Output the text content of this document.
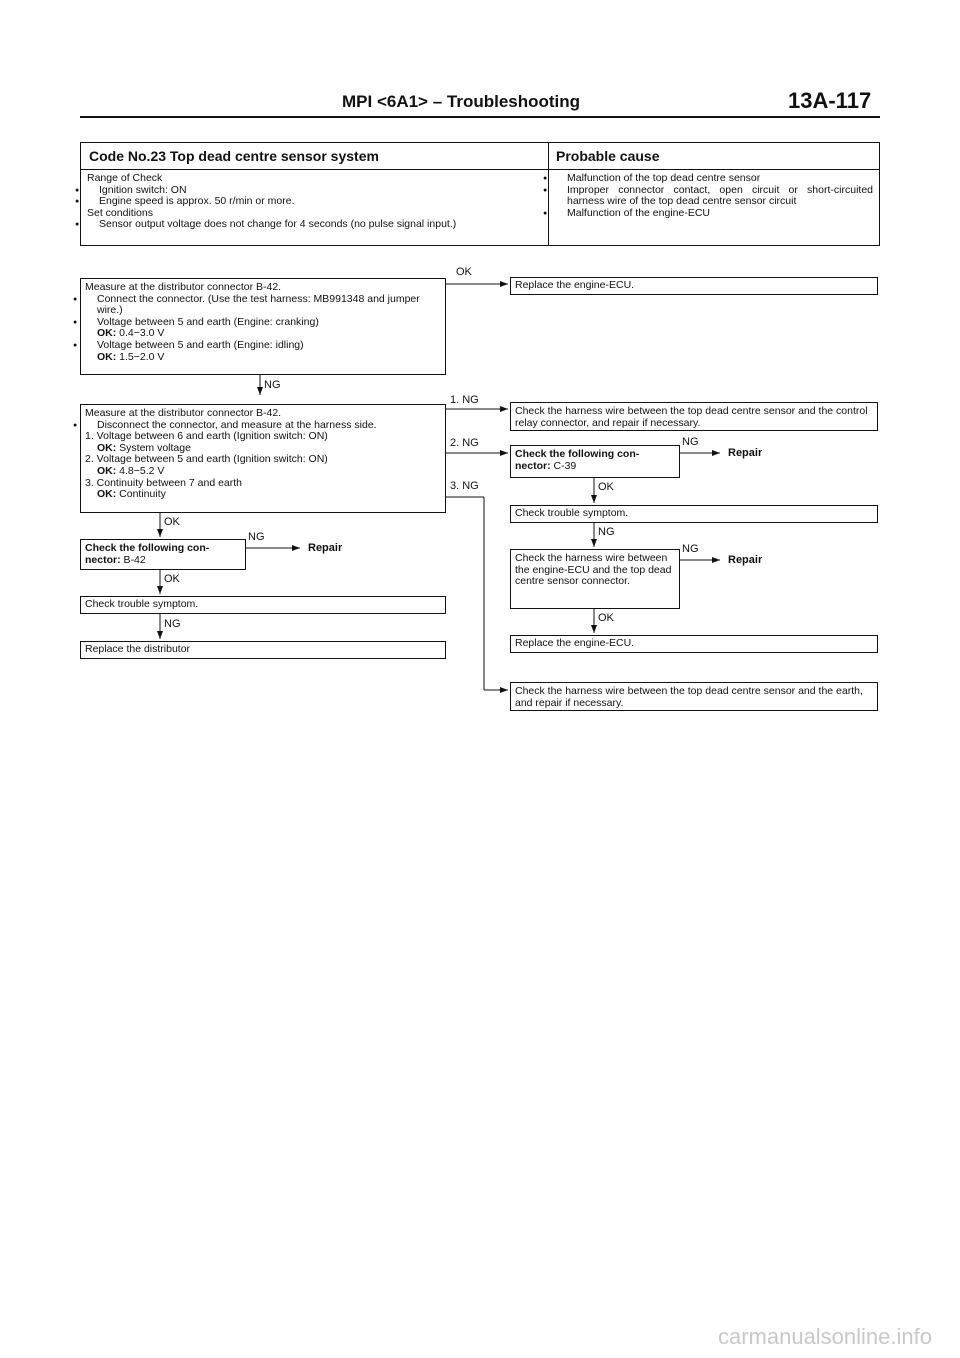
MPI <6A1> – Troubleshooting	13A-117
Code No.23 Top dead centre sensor system	Probable cause
Range of Check
● Ignition switch: ON
● Engine speed is approx. 50 r/min or more.
Set conditions
● Sensor output voltage does not change for 4 seconds (no pulse signal input.)
● Malfunction of the top dead centre sensor
● Improper connector contact, open circuit or short-circuited harness wire of the top dead centre sensor circuit
● Malfunction of the engine-ECU
Measure at the distributor connector B-42.
● Connect the connector. (Use the test harness: MB991348 and jumper wire.)
● Voltage between 5 and earth (Engine: cranking)
OK: 0.4−3.0 V
● Voltage between 5 and earth (Engine: idling)
OK: 1.5−2.0 V
OK
Replace the engine-ECU.
NG
Measure at the distributor connector B-42.
● Disconnect the connector, and measure at the harness side.
1. Voltage between 6 and earth (Ignition switch: ON)
OK: System voltage
2. Voltage between 5 and earth (Ignition switch: ON)
OK: 4.8−5.2 V
3. Continuity between 7 and earth
OK: Continuity
1. NG
2. NG
3. NG
Check the harness wire between the top dead centre sensor and the control relay connector, and repair if necessary.
Check the following con- nector: C-39
NG
Repair
OK
Check trouble symptom.
NG
Check the harness wire between the engine-ECU and the top dead centre sensor connector.
NG
Repair
OK
Replace the engine-ECU.
Check the harness wire between the top dead centre sensor and the earth, and repair if necessary.
OK
Check the following con- nector: B-42
NG
Repair
OK
Check trouble symptom.
NG
Replace the distributor
carmanualsonline.info
